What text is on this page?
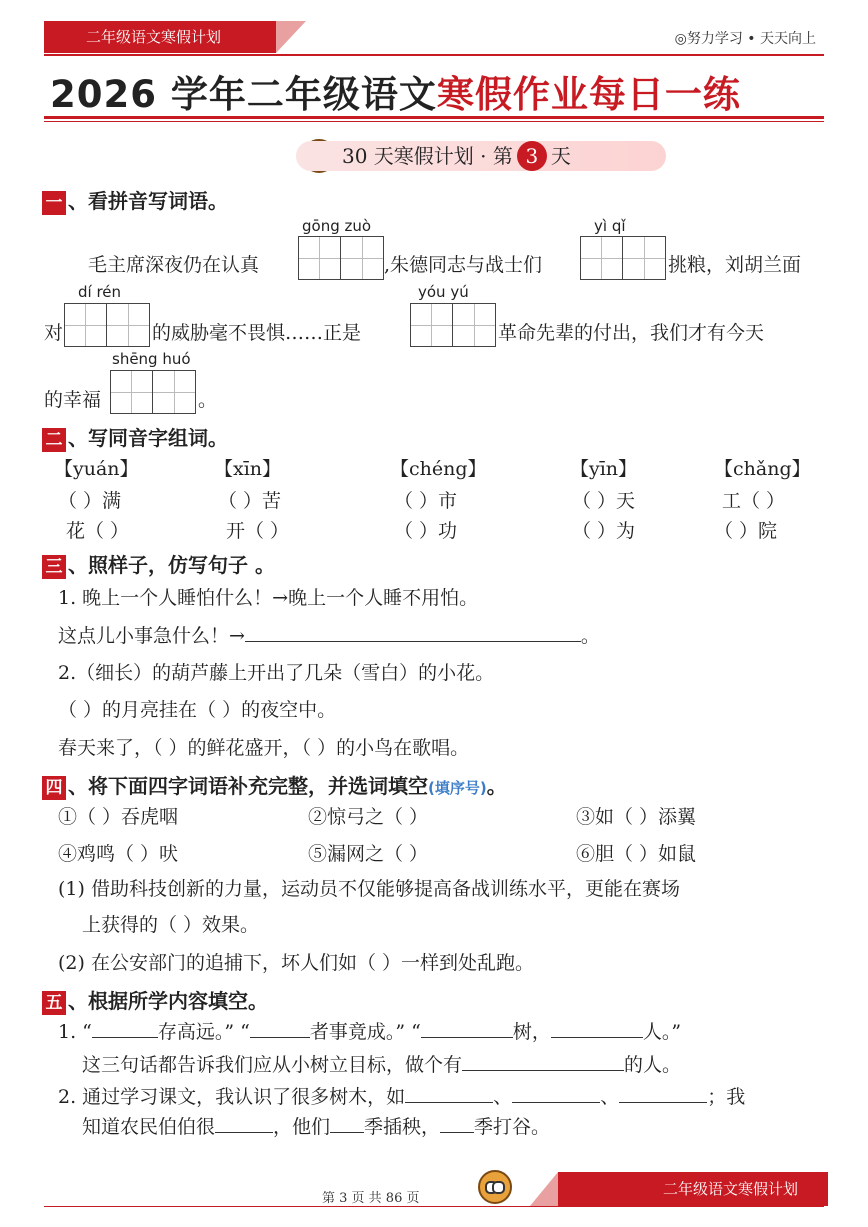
二年级语文寒假计划	◎努力学习 • 天天向上
2026 学年二年级语文寒假作业每日一练
30 天寒假计划 · 第 3 天
一 、看拼音写词语。
gōng zuò	yì qǐ
毛主席深夜仍在认真	,朱德同志与战士们	挑粮，刘胡兰面
dí rén	yóu yú
对	的威胁毫不畏惧……正是	革命先辈的付出，我们才有今天
shēng huó
的幸福	。
二 、写同音字组词。
【yuán】	【xīn】	【chéng】	【yīn】	【chǎng】
（ ）满	（ ）苦	（ ）市	（ ）天	工（ ）
花（ ）	开（ ）	（ ）功	（ ）为	（ ）院
三 、照样子，仿写句子 。
1. 晚上一个人睡怕什么！→晚上一个人睡不用怕。
这点儿小事急什么！→	。
2.（细长）的葫芦藤上开出了几朵（雪白）的小花。
（ ）的月亮挂在（ ）的夜空中。
春天来了，（ ）的鲜花盛开，（ ）的小鸟在歌唱。
四 、将下面四字词语补充完整，并选词填空(填序号)。
①（ ）吞虎咽	②惊弓之（ ）	③如（ ）添翼
④鸡鸣（ ）吠	⑤漏网之（ ）	⑥胆（ ）如鼠
(1) 借助科技创新的力量，运动员不仅能够提高备战训练水平，更能在赛场
上获得的（ ）效果。
(2) 在公安部门的追捕下，坏人们如（ ）一样到处乱跑。
五 、根据所学内容填空。
1. “	存高远。” “	者事竟成。” “	树，	人。”
这三句话都告诉我们应从小树立目标，做个有	的人。
2. 通过学习课文，我认识了很多树木，如	、	、	；我
知道农民伯伯很	，他们 季插秧， 季打谷。
第 3 页 共 86 页
二年级语文寒假计划
